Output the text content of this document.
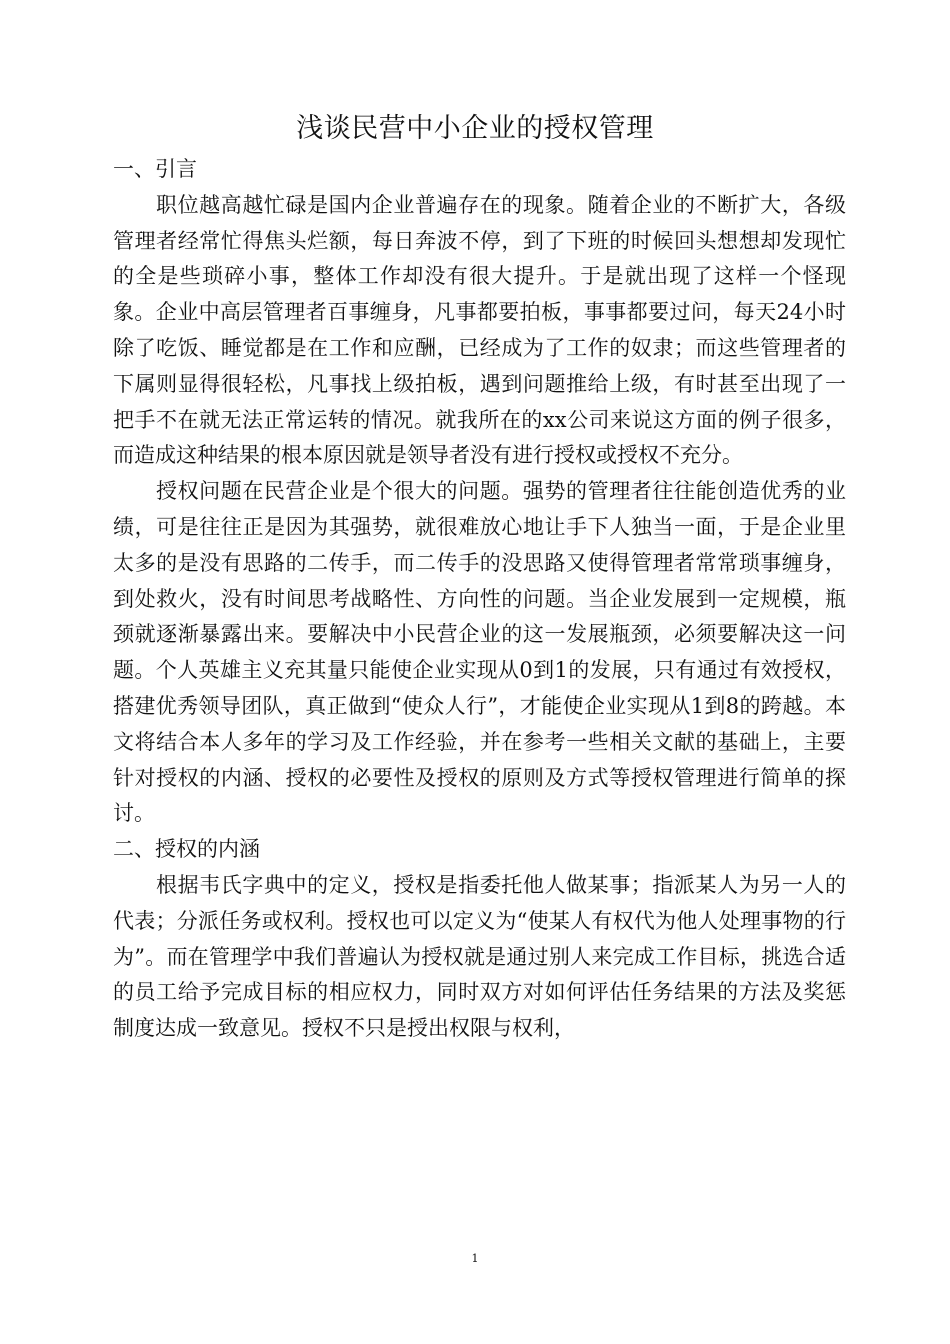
浅谈民营中小企业的授权管理

一、引言

职位越高越忙碌是国内企业普遍存在的现象。随着企业的不断扩大，各级管理者经常忙得焦头烂额，每日奔波不停，到了下班的时候回头想想却发现忙的全是些琐碎小事，整体工作却没有很大提升。于是就出现了这样一个怪现象。企业中高层管理者百事缠身，凡事都要拍板，事事都要过问，每天24小时除了吃饭、睡觉都是在工作和应酬，已经成为了工作的奴隶；而这些管理者的下属则显得很轻松，凡事找上级拍板，遇到问题推给上级，有时甚至出现了一把手不在就无法正常运转的情况。就我所在的xx公司来说这方面的例子很多，而造成这种结果的根本原因就是领导者没有进行授权或授权不充分。

授权问题在民营企业是个很大的问题。强势的管理者往往能创造优秀的业绩，可是往往正是因为其强势，就很难放心地让手下人独当一面，于是企业里太多的是没有思路的二传手，而二传手的没思路又使得管理者常常琐事缠身，到处救火，没有时间思考战略性、方向性的问题。当企业发展到一定规模，瓶颈就逐渐暴露出来。要解决中小民营企业的这一发展瓶颈，必须要解决这一问题。个人英雄主义充其量只能使企业实现从0到1的发展，只有通过有效授权，搭建优秀领导团队，真正做到“使众人行”，才能使企业实现从1到8的跨越。本文将结合本人多年的学习及工作经验，并在参考一些相关文献的基础上，主要针对授权的内涵、授权的必要性及授权的原则及方式等授权管理进行简单的探讨。

二、授权的内涵

根据韦氏字典中的定义，授权是指委托他人做某事；指派某人为另一人的代表；分派任务或权利。授权也可以定义为“使某人有权代为他人处理事物的行为”。而在管理学中我们普遍认为授权就是通过别人来完成工作目标，挑选合适的员工给予完成目标的相应权力，同时双方对如何评估任务结果的方法及奖惩制度达成一致意见。授权不只是授出权限与权利，

1
